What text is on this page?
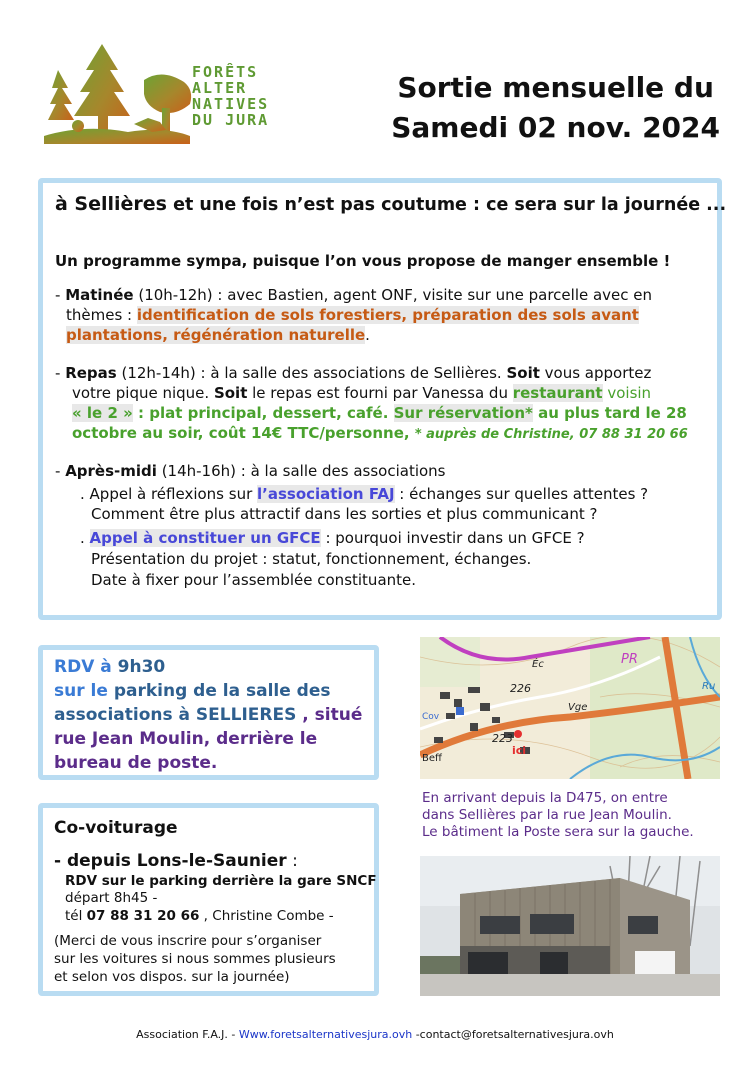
FORÊTS
ALTER
NATIVES
DU JURA
Sortie mensuelle du
Samedi 02 nov. 2024
à Sellières et une fois n’est pas coutume : ce sera sur la journée ...
Un programme sympa, puisque l’on vous propose de manger ensemble !
- Matinée (10h-12h) : avec Bastien, agent ONF, visite sur une parcelle avec en
thèmes : identification de sols forestiers, préparation des sols avant
plantations, régénération naturelle.
- Repas (12h-14h) : à la salle des associations de Sellières. Soit vous apportez
votre pique nique. Soit le repas est fourni par Vanessa du restaurant voisin
« le 2 » : plat principal, dessert, café. Sur réservation* au plus tard le 28
octobre au soir, coût 14€ TTC/personne, * auprès de Christine, 07 88 31 20 66
- Après-midi (14h-16h) : à la salle des associations
. Appel à réflexions sur l’association FAJ : échanges sur quelles attentes ?
Comment être plus attractif dans les sorties et plus communicant ?
. Appel à constituer un GFCE : pourquoi investir dans un GFCE ?
Présentation du projet : statut, fonctionnement, échanges.
Date à fixer pour l’assemblée constituante.
RDV à 9h30
sur le parking de la salle des
associations à SELLIERES , situé
rue Jean Moulin, derrière le
bureau de poste.
Co-voiturage
- depuis Lons-le-Saunier :
RDV sur le parking derrière la gare SNCF
départ 8h45 -
tél 07 88 31 20 66 , Christine Combe -
(Merci de vous inscrire pour s’organiser
sur les voitures si nous sommes plusieurs
et selon vos dispos. sur la journée)
PR
226
223
Éc
Vge
ici
Ru
Beff
Cov
En arrivant depuis la D475, on entre
dans Sellières par la rue Jean Moulin.
Le bâtiment la Poste sera sur la gauche.
Association F.A.J. - Www.foretsalternativesjura.ovh -contact@foretsalternativesjura.ovh
